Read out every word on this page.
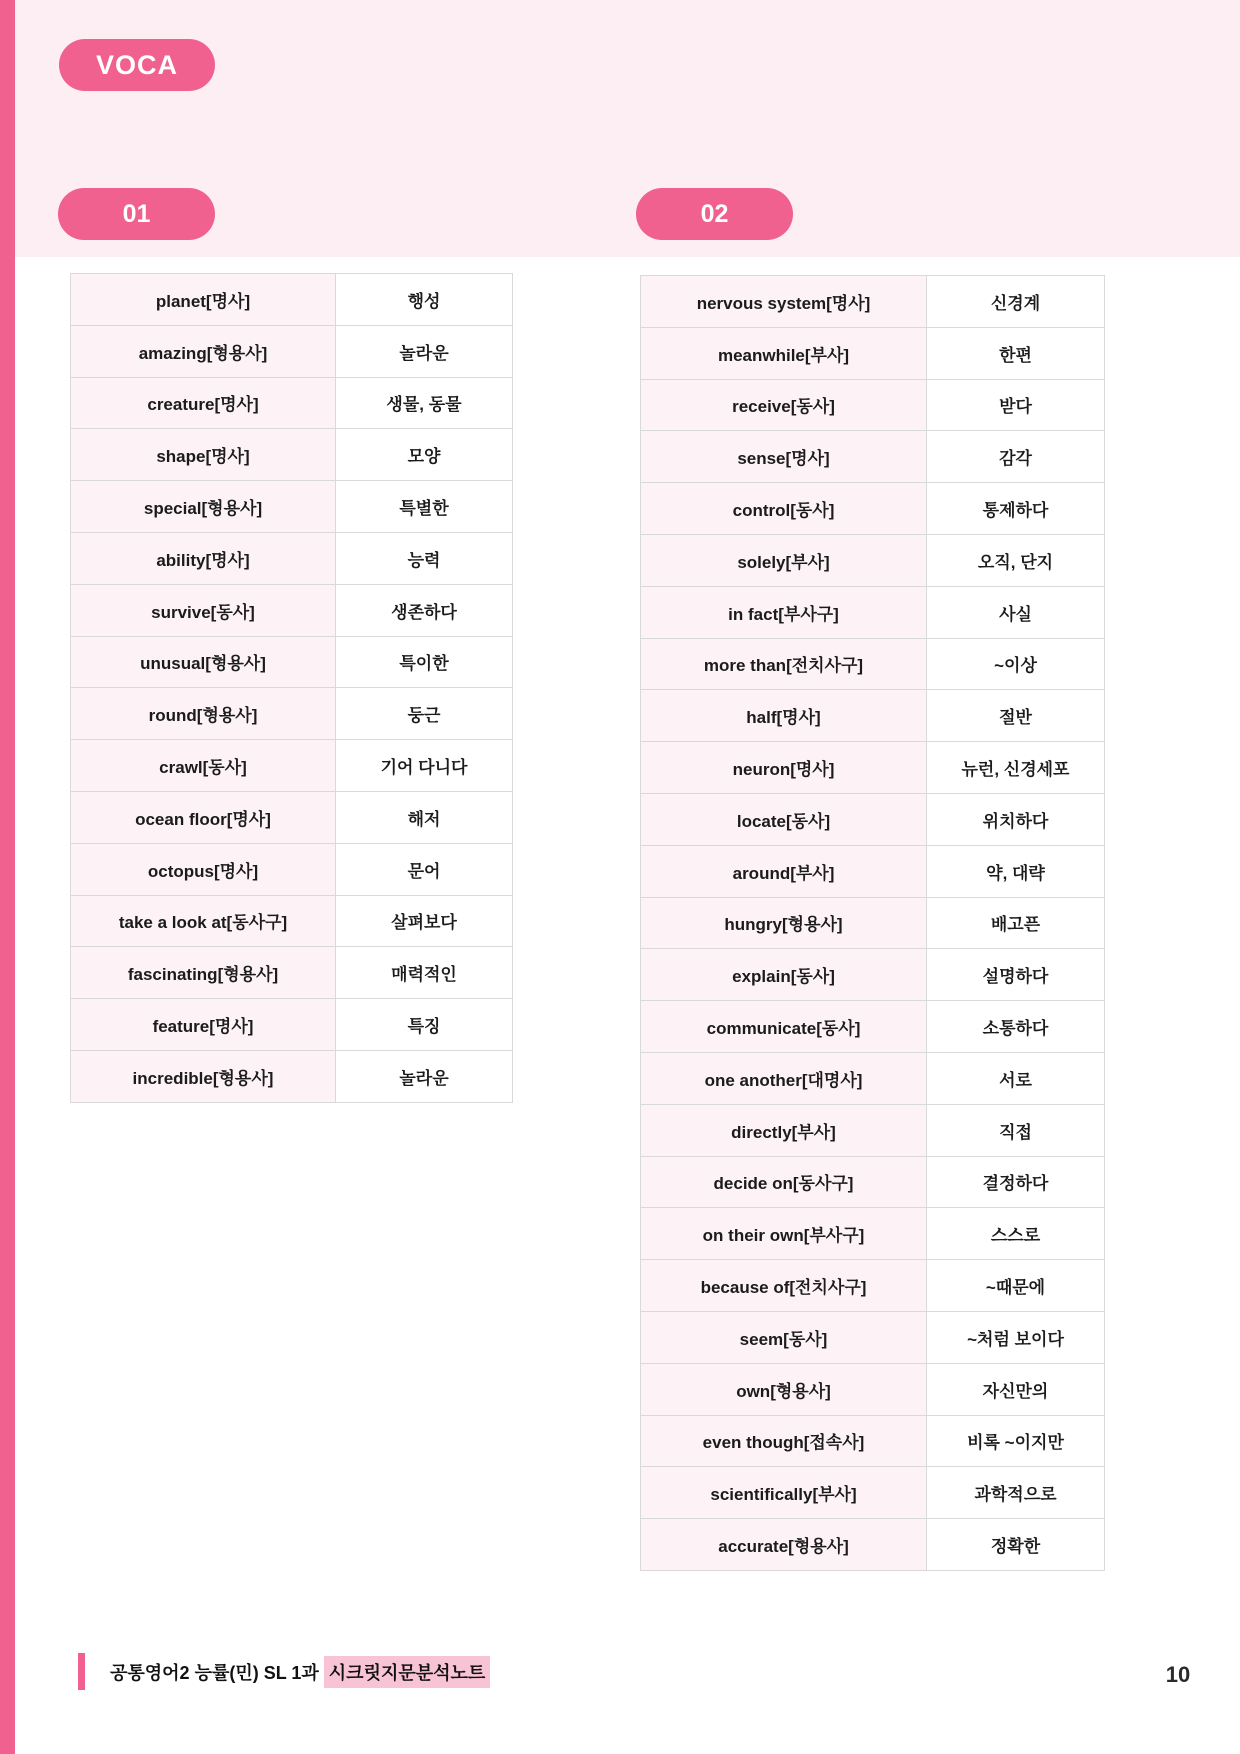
VOCA
01	02
planet[명사]	행성
amazing[형용사]	놀라운
creature[명사]	생물, 동물
shape[명사]	모양
special[형용사]	특별한
ability[명사]	능력
survive[동사]	생존하다
unusual[형용사]	특이한
round[형용사]	둥근
crawl[동사]	기어 다니다
ocean floor[명사]	해저
octopus[명사]	문어
take a look at[동사구]	살펴보다
fascinating[형용사]	매력적인
feature[명사]	특징
incredible[형용사]	놀라운
nervous system[명사]	신경계
meanwhile[부사]	한편
receive[동사]	받다
sense[명사]	감각
control[동사]	통제하다
solely[부사]	오직, 단지
in fact[부사구]	사실
more than[전치사구]	~이상
half[명사]	절반
neuron[명사]	뉴런, 신경세포
locate[동사]	위치하다
around[부사]	약, 대략
hungry[형용사]	배고픈
explain[동사]	설명하다
communicate[동사]	소통하다
one another[대명사]	서로
directly[부사]	직접
decide on[동사구]	결정하다
on their own[부사구]	스스로
because of[전치사구]	~때문에
seem[동사]	~처럼 보이다
own[형용사]	자신만의
even though[접속사]	비록 ~이지만
scientifically[부사]	과학적으로
accurate[형용사]	정확한
공통영어2 능률(민) SL 1과 시크릿지문분석노트	10
